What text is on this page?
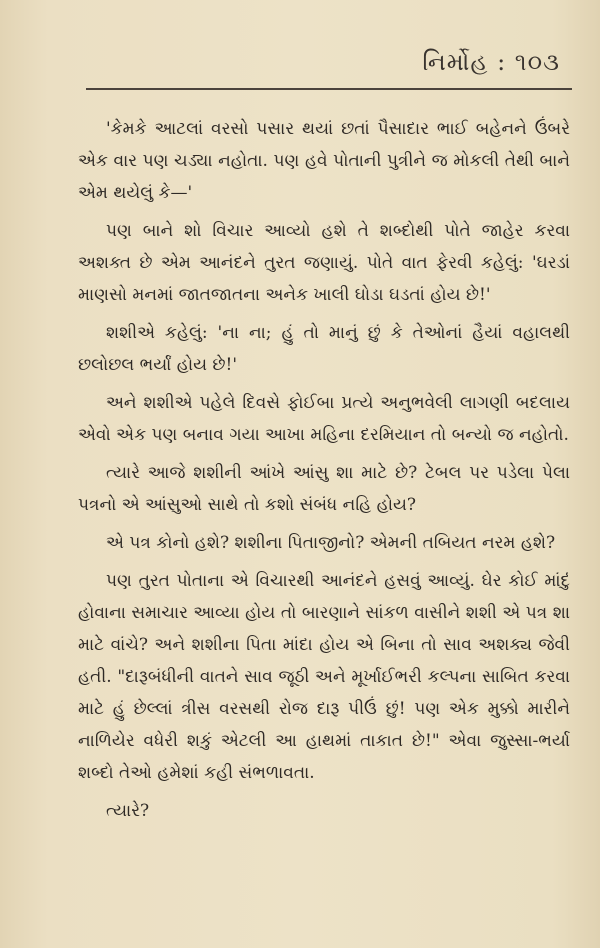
નિર્મોહ : ૧૦૩

'કેમકે આટલાં વરસો પસાર થયાં છતાં પૈસાદાર ભાઈ બહેનને ઉંબરે એક વાર પણ ચડ્યા નહોતા. પણ હવે પોતાની પુત્રીને જ મોકલી તેથી બાને એમ થયેલું કે—'

પણ બાને શો વિચાર આવ્યો હશે તે શબ્દોથી પોતે જાહેર કરવા અશક્ત છે એમ આનંદને તુરત જણાયું. પોતે વાત ફેરવી કહેલું: 'ઘરડાં માણસો મનમાં જાતજાતના અનેક ખાલી ઘોડા ઘડતાં હોય છે!'

શશીએ કહેલું: 'ના ના; હું તો માનું છું કે તેઓનાં હૈયાં વહાલથી છલોછલ ભર્યાં હોય છે!'

અને શશીએ પહેલે દિવસે ફોઈબા પ્રત્યે અનુભવેલી લાગણી બદલાય એવો એક પણ બનાવ ગયા આખા મહિના દરમિયાન તો બન્યો જ નહોતો.

ત્યારે આજે શશીની આંખે આંસુ શા માટે છે? ટેબલ પર પડેલા પેલા પત્રનો એ આંસુઓ સાથે તો કશો સંબંધ નહિ હોય?

એ પત્ર કોનો હશે? શશીના પિતાજીનો? એમની તબિયત નરમ હશે?

પણ તુરત પોતાના એ વિચારથી આનંદને હસવું આવ્યું. ઘેર કોઈ માંદું હોવાના સમાચાર આવ્યા હોય તો બારણાને સાંકળ વાસીને શશી એ પત્ર શા માટે વાંચે? અને શશીના પિતા માંદા હોય એ બિના તો સાવ અશક્ય જેવી હતી. "દારૂબંધીની વાતને સાવ જૂઠી અને મૂર્ખાઈભરી કલ્પના સાબિત કરવા માટે હું છેલ્લાં ત્રીસ વરસથી રોજ દારૂ પીઉં છું! પણ એક મુક્કો મારીને નાળિયેર વધેરી શકું એટલી આ હાથમાં તાકાત છે!" એવા જુસ્સા-ભર્યા શબ્દો તેઓ હમેશાં કહી સંભળાવતા.

ત્યારે?
